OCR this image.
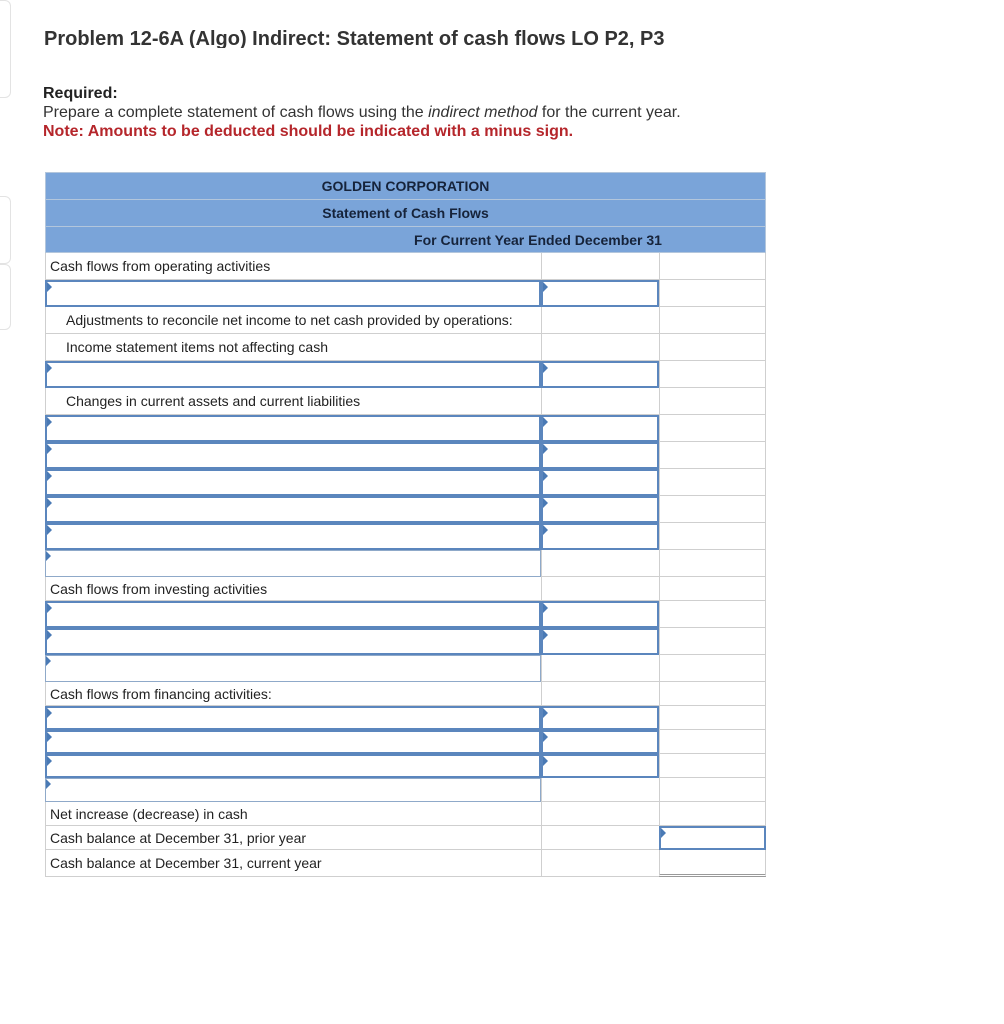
Problem 12-6A (Algo) Indirect: Statement of cash flows LO P2, P3
Required:
Prepare a complete statement of cash flows using the indirect method for the current year.
Note: Amounts to be deducted should be indicated with a minus sign.
GOLDEN CORPORATION
Statement of Cash Flows
For Current Year Ended December 31
Cash flows from operating activities
Adjustments to reconcile net income to net cash provided by operations:
Income statement items not affecting cash
Changes in current assets and current liabilities
Cash flows from investing activities
Cash flows from financing activities:
Net increase (decrease) in cash
Cash balance at December 31, prior year
Cash balance at December 31, current year
